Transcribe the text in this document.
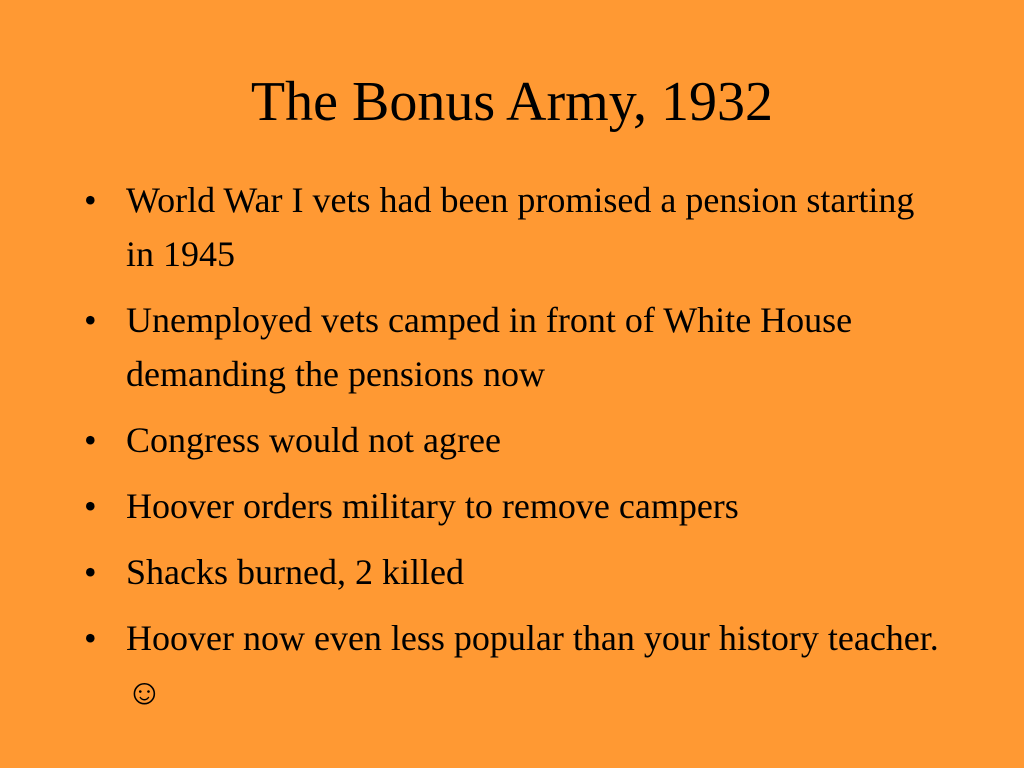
The Bonus Army, 1932
• World War I vets had been promised a pension starting in 1945
• Unemployed vets camped in front of White House demanding the pensions now
• Congress would not agree
• Hoover orders military to remove campers
• Shacks burned, 2 killed
• Hoover now even less popular than your history teacher. ☺
